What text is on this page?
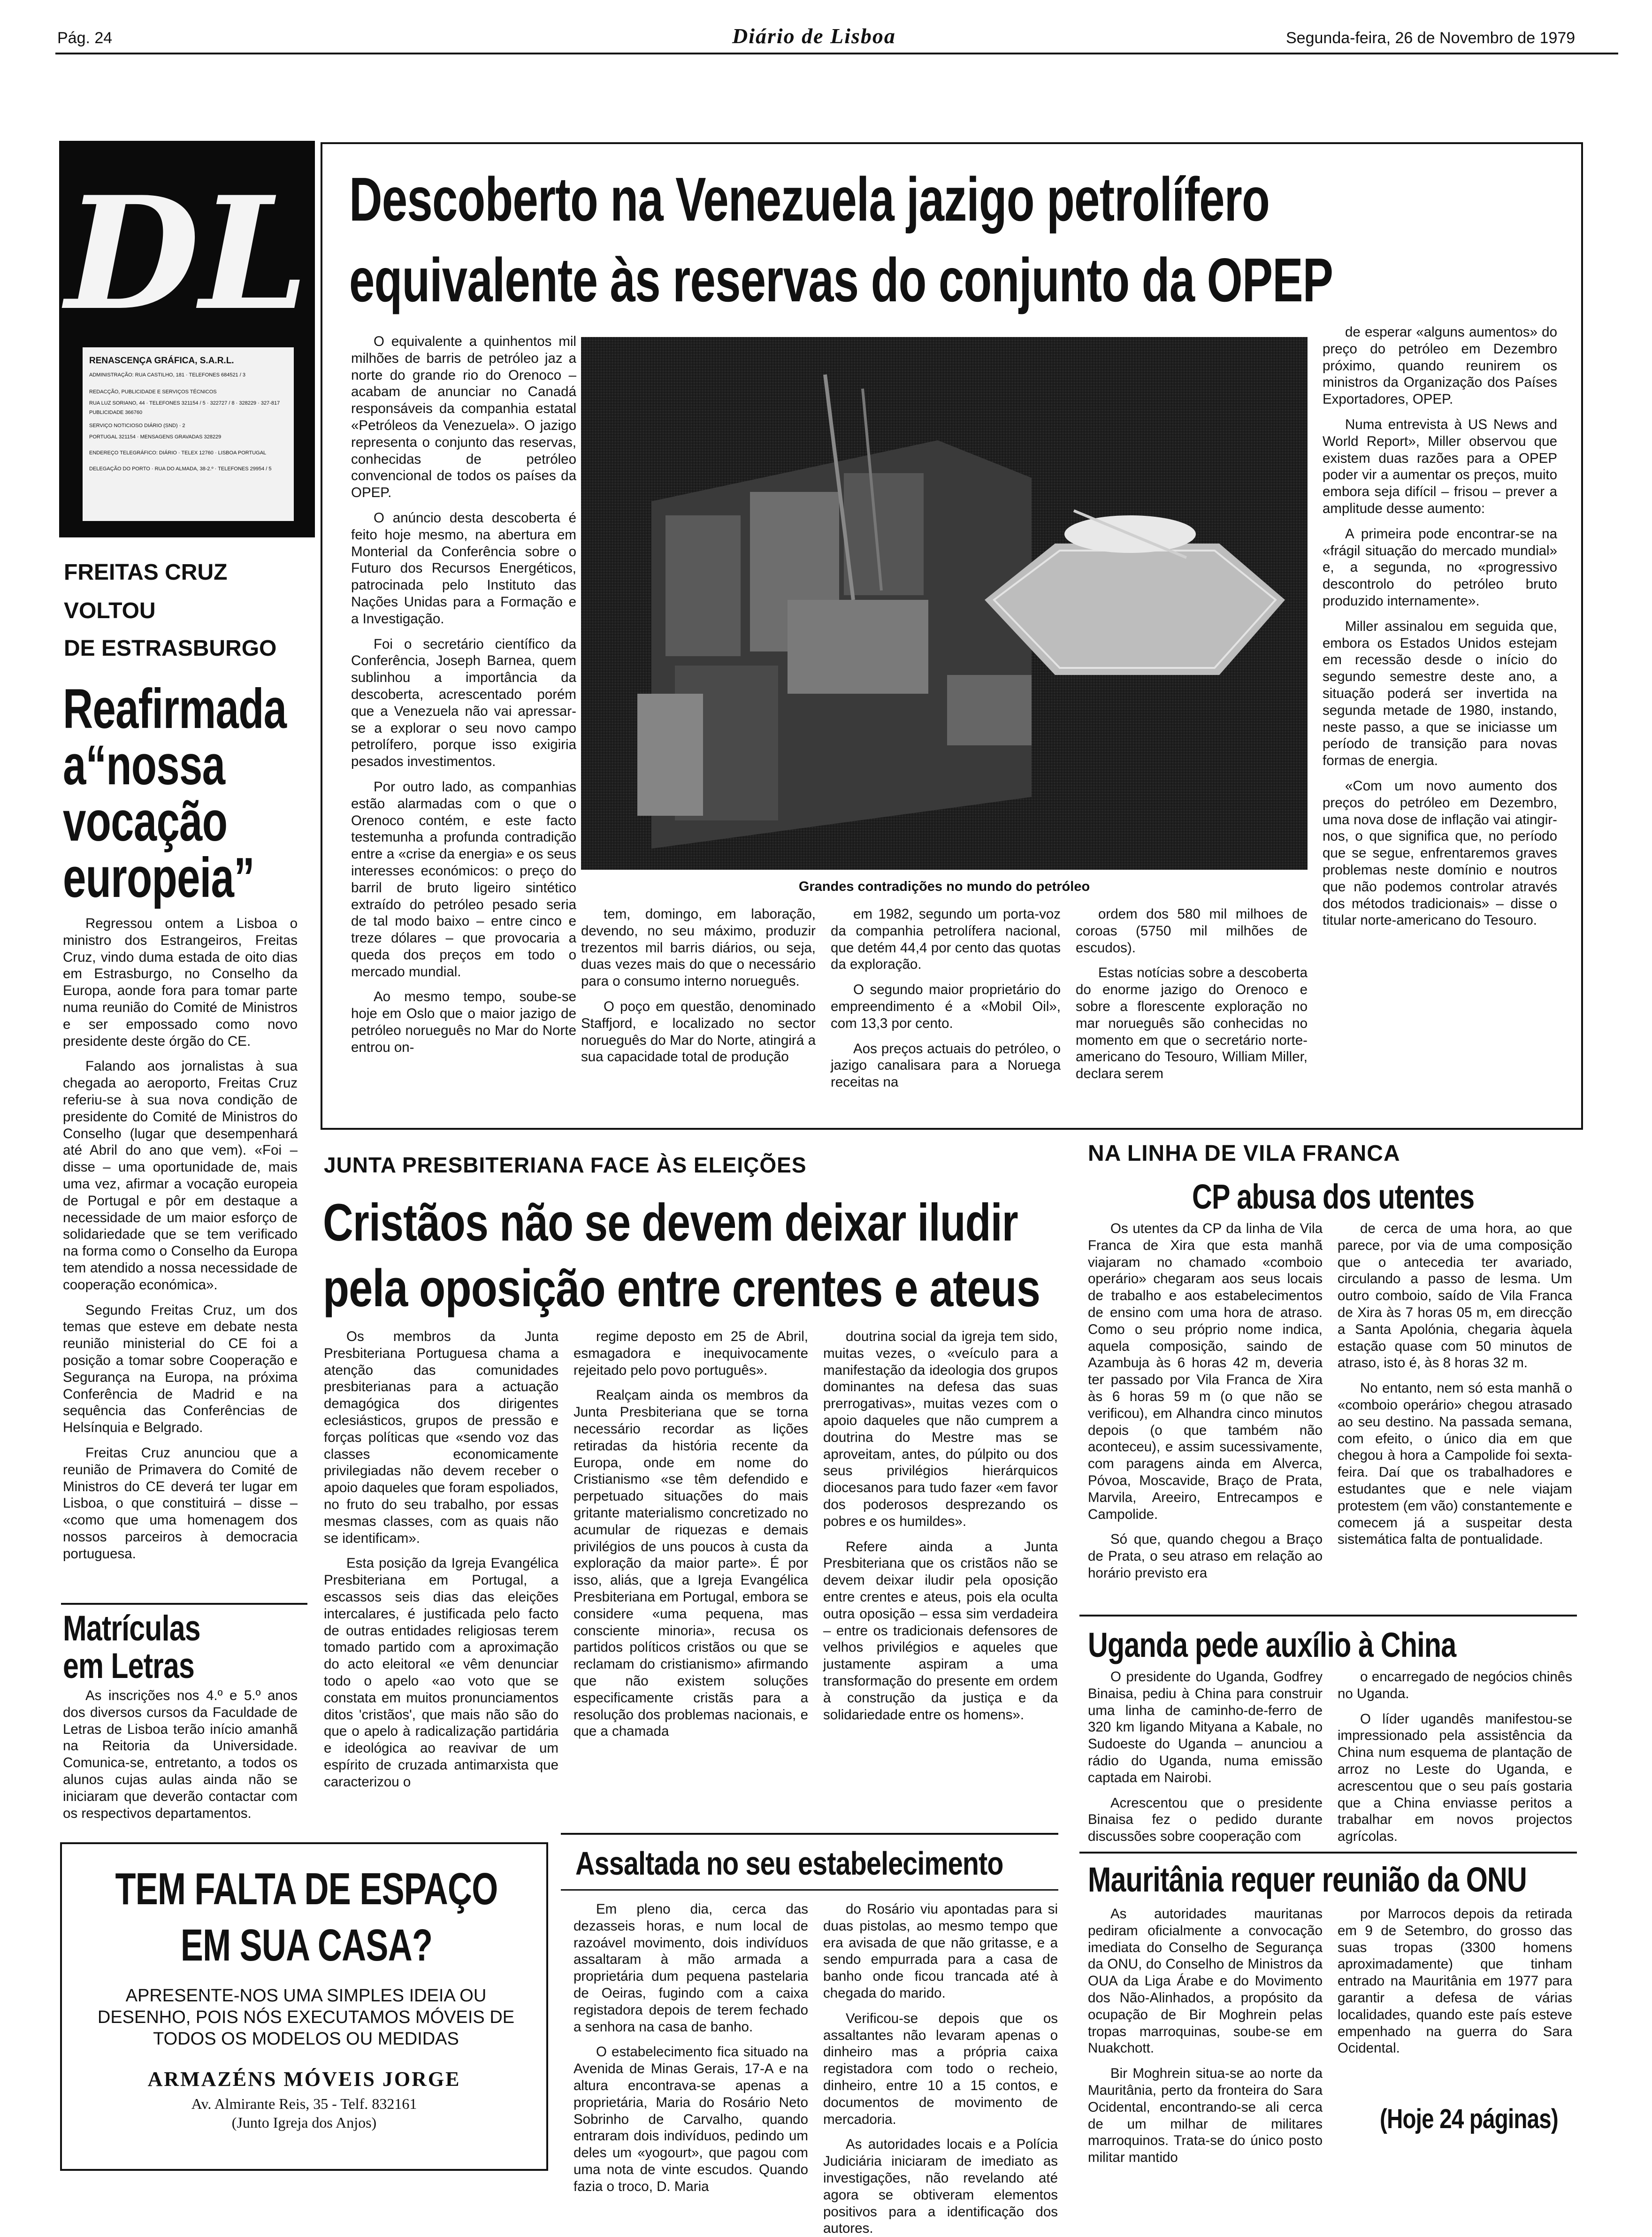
Pág. 24	Diário de Lisboa	Segunda-feira, 26 de Novembro de 1979
DL
RENASCENÇA GRÁFICA, S.A.R.L.
ADMINISTRAÇÃO: RUA CASTILHO, 181 · TELEFONES 684521 / 3
REDACÇÃO, PUBLICIDADE E SERVIÇOS TÉCNICOS
RUA LUZ SORIANO, 44 · TELEFONES 321154 / 5 · 322727 / 8 · 328229 · 327-817
PUBLICIDADE 366760
SERVIÇO NOTICIOSO DIÁRIO (SND) · 2
PORTUGAL 321154 · MENSAGENS GRAVADAS 328229
ENDEREÇO TELEGRÁFICO: DIÁRIO · TELEX 12760 · LISBOA PORTUGAL
DELEGAÇÃO DO PORTO · RUA DO ALMADA, 38-2.º · TELEFONES 29954 / 5
Descoberto na Venezuela jazigo petrolífero
equivalente às reservas do conjunto da OPEP

O equivalente a quinhentos mil milhões de barris de petróleo jaz a norte do grande rio do Orenoco – acabam de anunciar no Canadá responsáveis da companhia estatal «Petróleos da Venezuela». O jazigo representa o conjunto das reservas, conhecidas de petróleo convencional de todos os países da OPEP.

O anúncio desta descoberta é feito hoje mesmo, na abertura em Monterial da Conferência sobre o Futuro dos Recursos Energéticos, patrocinada pelo Instituto das Nações Unidas para a Formação e a Investigação.

Foi o secretário científico da Conferência, Joseph Barnea, quem sublinhou a importância da descoberta, acrescentado porém que a Venezuela não vai apressar-se a explorar o seu novo campo petrolífero, porque isso exigiria pesados investimentos.

Por outro lado, as companhias estão alarmadas com o que o Orenoco contém, e este facto testemunha a profunda contradição entre a «crise da energia» e os seus interesses económicos: o preço do barril de bruto ligeiro sintético extraído do petróleo pesado seria de tal modo baixo – entre cinco e treze dólares – que provocaria a queda dos preços em todo o mercado mundial.

Ao mesmo tempo, soube-se hoje em Oslo que o maior jazigo de petróleo norueguês no Mar do Norte entrou on-

Grandes contradições no mundo do petróleo

tem, domingo, em laboração, devendo, no seu máximo, produzir trezentos mil barris diários, ou seja, duas vezes mais do que o necessário para o consumo interno norueguês.

O poço em questão, denominado Staffjord, e localizado no sector norueguês do Mar do Norte, atingirá a sua capacidade total de produção

em 1982, segundo um porta-voz da companhia petrolífera nacional, que detém 44,4 por cento das quotas da exploração.

O segundo maior proprietário do empreendimento é a «Mobil Oil», com 13,3 por cento.

Aos preços actuais do petróleo, o jazigo canalisara para a Noruega receitas na

ordem dos 580 mil milhoes de coroas (5750 mil milhões de escudos).

Estas notícias sobre a descoberta do enorme jazigo do Orenoco e sobre a florescente exploração no mar norueguês são conhecidas no momento em que o secretário norte-americano do Tesouro, William Miller, declara serem

de esperar «alguns aumentos» do preço do petróleo em Dezembro próximo, quando reunirem os ministros da Organização dos Países Exportadores, OPEP.

Numa entrevista à US News and World Report», Miller observou que existem duas razões para a OPEP poder vir a aumentar os preços, muito embora seja difícil – frisou – prever a amplitude desse aumento:

A primeira pode encontrar-se na «frágil situação do mercado mundial» e, a segunda, no «progressivo descontrolo do petróleo bruto produzido internamente».

Miller assinalou em seguida que, embora os Estados Unidos estejam em recessão desde o início do segundo semestre deste ano, a situação poderá ser invertida na segunda metade de 1980, instando, neste passo, a que se iniciasse um período de transição para novas formas de energia.

«Com um novo aumento dos preços do petróleo em Dezembro, uma nova dose de inflação vai atingir-nos, o que significa que, no período que se segue, enfrentaremos graves problemas neste domínio e noutros que não podemos controlar através dos métodos tradicionais» – disse o titular norte-americano do Tesouro.

FREITAS CRUZ
VOLTOU
DE ESTRASBURGO
Reafirmada
a“nossa
vocação
europeia”

Regressou ontem a Lisboa o ministro dos Estrangeiros, Freitas Cruz, vindo duma estada de oito dias em Estrasburgo, no Conselho da Europa, aonde fora para tomar parte numa reunião do Comité de Ministros e ser empossado como novo presidente deste órgão do CE.

Falando aos jornalistas à sua chegada ao aeroporto, Freitas Cruz referiu-se à sua nova condição de presidente do Comité de Ministros do Conselho (lugar que desempenhará até Abril do ano que vem). «Foi – disse – uma oportunidade de, mais uma vez, afirmar a vocação europeia de Portugal e pôr em destaque a necessidade de um maior esforço de solidariedade que se tem verificado na forma como o Conselho da Europa tem atendido a nossa necessidade de cooperação económica».

Segundo Freitas Cruz, um dos temas que esteve em debate nesta reunião ministerial do CE foi a posição a tomar sobre Cooperação e Segurança na Europa, na próxima Conferência de Madrid e na sequência das Conferências de Helsínquia e Belgrado.

Freitas Cruz anunciou que a reunião de Primavera do Comité de Ministros do CE deverá ter lugar em Lisboa, o que constituirá – disse – «como que uma homenagem dos nossos parceiros à democracia portuguesa.

Matrículas
em Letras

As inscrições nos 4.º e 5.º anos dos diversos cursos da Faculdade de Letras de Lisboa terão início amanhã na Reitoria da Universidade. Comunica-se, entretanto, a todos os alunos cujas aulas ainda não se iniciaram que deverão contactar com os respectivos departamentos.

TEM FALTA DE ESPAÇO
EM SUA CASA?
APRESENTE-NOS UMA SIMPLES IDEIA OU DESENHO, POIS NÓS EXECUTAMOS MÓVEIS DE TODOS OS MODELOS OU MEDIDAS
ARMAZÉNS MÓVEIS JORGE
Av. Almirante Reis, 35 - Telf. 832161
(Junto Igreja dos Anjos)
JUNTA PRESBITERIANA FACE ÀS ELEIÇÕES
Cristãos não se devem deixar iludir
pela oposição entre crentes e ateus

Os membros da Junta Presbiteriana Portuguesa chama a atenção das comunidades presbiterianas para a actuação demagógica dos dirigentes eclesiásticos, grupos de pressão e forças políticas que «sendo voz das classes economicamente privilegiadas não devem receber o apoio daqueles que foram espoliados, no fruto do seu trabalho, por essas mesmas classes, com as quais não se identificam».

Esta posição da Igreja Evangélica Presbiteriana em Portugal, a escassos seis dias das eleições intercalares, é justificada pelo facto de outras entidades religiosas terem tomado partido com a aproximação do acto eleitoral «e vêm denunciar todo o apelo «ao voto que se constata em muitos pronunciamentos ditos 'cristãos', que mais não são do que o apelo à radicalização partidária e ideológica ao reavivar de um espírito de cruzada antimarxista que caracterizou o

regime deposto em 25 de Abril, esmagadora e inequivocamente rejeitado pelo povo português».

Realçam ainda os membros da Junta Presbiteriana que se torna necessário recordar as lições retiradas da história recente da Europa, onde em nome do Cristianismo «se têm defendido e perpetuado situações do mais gritante materialismo concretizado no acumular de riquezas e demais privilégios de uns poucos à custa da exploração da maior parte». É por isso, aliás, que a Igreja Evangélica Presbiteriana em Portugal, embora se considere «uma pequena, mas consciente minoria», recusa os partidos políticos cristãos ou que se reclamam do cristianismo» afirmando que não existem soluções especificamente cristãs para a resolução dos problemas nacionais, e que a chamada

doutrina social da igreja tem sido, muitas vezes, o «veículo para a manifestação da ideologia dos grupos dominantes na defesa das suas prerrogativas», muitas vezes com o apoio daqueles que não cumprem a doutrina do Mestre mas se aproveitam, antes, do púlpito ou dos seus privilégios hierárquicos diocesanos para tudo fazer «em favor dos poderosos desprezando os pobres e os humildes».

Refere ainda a Junta Presbiteriana que os cristãos não se devem deixar iludir pela oposição entre crentes e ateus, pois ela oculta outra oposição – essa sim verdadeira – entre os tradicionais defensores de velhos privilégios e aqueles que justamente aspiram a uma transformação do presente em ordem à construção da justiça e da solidariedade entre os homens».

Assaltada no seu estabelecimento

Em pleno dia, cerca das dezasseis horas, e num local de razoável movimento, dois indivíduos assaltaram à mão armada a proprietária dum pequena pastelaria de Oeiras, fugindo com a caixa registadora depois de terem fechado a senhora na casa de banho.

O estabelecimento fica situado na Avenida de Minas Gerais, 17-A e na altura encontrava-se apenas a proprietária, Maria do Rosário Neto Sobrinho de Carvalho, quando entraram dois indivíduos, pedindo um deles um «yogourt», que pagou com uma nota de vinte escudos. Quando fazia o troco, D. Maria

do Rosário viu apontadas para si duas pistolas, ao mesmo tempo que era avisada de que não gritasse, e a sendo empurrada para a casa de banho onde ficou trancada até à chegada do marido.

Verificou-se depois que os assaltantes não levaram apenas o dinheiro mas a própria caixa registadora com todo o recheio, dinheiro, entre 10 a 15 contos, e documentos de movimento de mercadoria.

As autoridades locais e a Polícia Judiciária iniciaram de imediato as investigações, não revelando até agora se obtiveram elementos positivos para a identificação dos autores.

NA LINHA DE VILA FRANCA
CP abusa dos utentes

Os utentes da CP da linha de Vila Franca de Xira que esta manhã viajaram no chamado «comboio operário» chegaram aos seus locais de trabalho e aos estabelecimentos de ensino com uma hora de atraso. Como o seu próprio nome indica, aquela composição, saindo de Azambuja às 6 horas 42 m, deveria ter passado por Vila Franca de Xira às 6 horas 59 m (o que não se verificou), em Alhandra cinco minutos depois (o que também não aconteceu), e assim sucessivamente, com paragens ainda em Alverca, Póvoa, Moscavide, Braço de Prata, Marvila, Areeiro, Entrecampos e Campolide.

Só que, quando chegou a Braço de Prata, o seu atraso em relação ao horário previsto era

de cerca de uma hora, ao que parece, por via de uma composição que o antecedia ter avariado, circulando a passo de lesma. Um outro comboio, saído de Vila Franca de Xira às 7 horas 05 m, em direcção a Santa Apolónia, chegaria àquela estação quase com 50 minutos de atraso, isto é, às 8 horas 32 m.

No entanto, nem só esta manhã o «comboio operário» chegou atrasado ao seu destino. Na passada semana, com efeito, o único dia em que chegou à hora a Campolide foi sexta-feira. Daí que os trabalhadores e estudantes que e nele viajam protestem (em vão) constantemente e comecem já a suspeitar desta sistemática falta de pontualidade.

Uganda pede auxílio à China

O presidente do Uganda, Godfrey Binaisa, pediu à China para construir uma linha de caminho-de-ferro de 320 km ligando Mityana a Kabale, no Sudoeste do Uganda – anunciou a rádio do Uganda, numa emissão captada em Nairobi.

Acrescentou que o presidente Binaisa fez o pedido durante discussões sobre cooperação com

o encarregado de negócios chinês no Uganda.

O líder ugandês manifestou-se impressionado pela assistência da China num esquema de plantação de arroz no Leste do Uganda, e acrescentou que o seu país gostaria que a China enviasse peritos a trabalhar em novos projectos agrícolas.

Mauritânia requer reunião da ONU

As autoridades mauritanas pediram oficialmente a convocação imediata do Conselho de Segurança da ONU, do Conselho de Ministros da OUA da Liga Árabe e do Movimento dos Não-Alinhados, a propósito da ocupação de Bir Moghrein pelas tropas marroquinas, soube-se em Nuakchott.

Bir Moghrein situa-se ao norte da Mauritânia, perto da fronteira do Sara Ocidental, encontrando-se ali cerca de um milhar de militares marroquinos. Trata-se do único posto militar mantido

por Marrocos depois da retirada em 9 de Setembro, do grosso das suas tropas (3300 homens aproximadamente) que tinham entrado na Mauritânia em 1977 para garantir a defesa de várias localidades, quando este país esteve empenhado na guerra do Sara Ocidental.

(Hoje 24 páginas)
